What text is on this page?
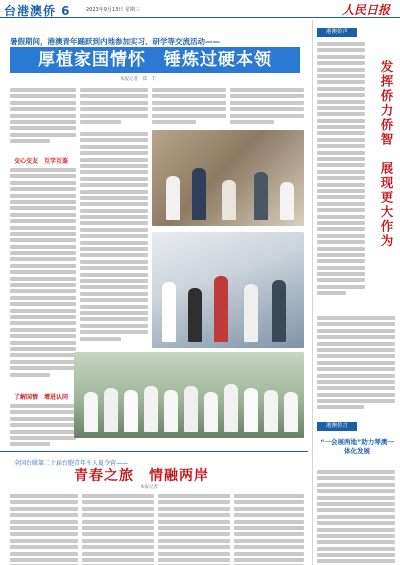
台港澳侨 6	2023年9月13日 星期三	人民日报
暑假期间，港澳青年踊跃到内地参加实习、研学等交流活动——
厚植家国情怀　锤炼过硬本领
本报记者　郑　丰
交心交友　互学互鉴
了解国情　增进认同
全国台联第二十届台胞青年千人夏令营——
青春之旅　情融两岸
本报记者
港澳侨声
发挥侨力侨智　展现更大作为
港澳侨言
“一会展两地”助力琴澳一体化发展
